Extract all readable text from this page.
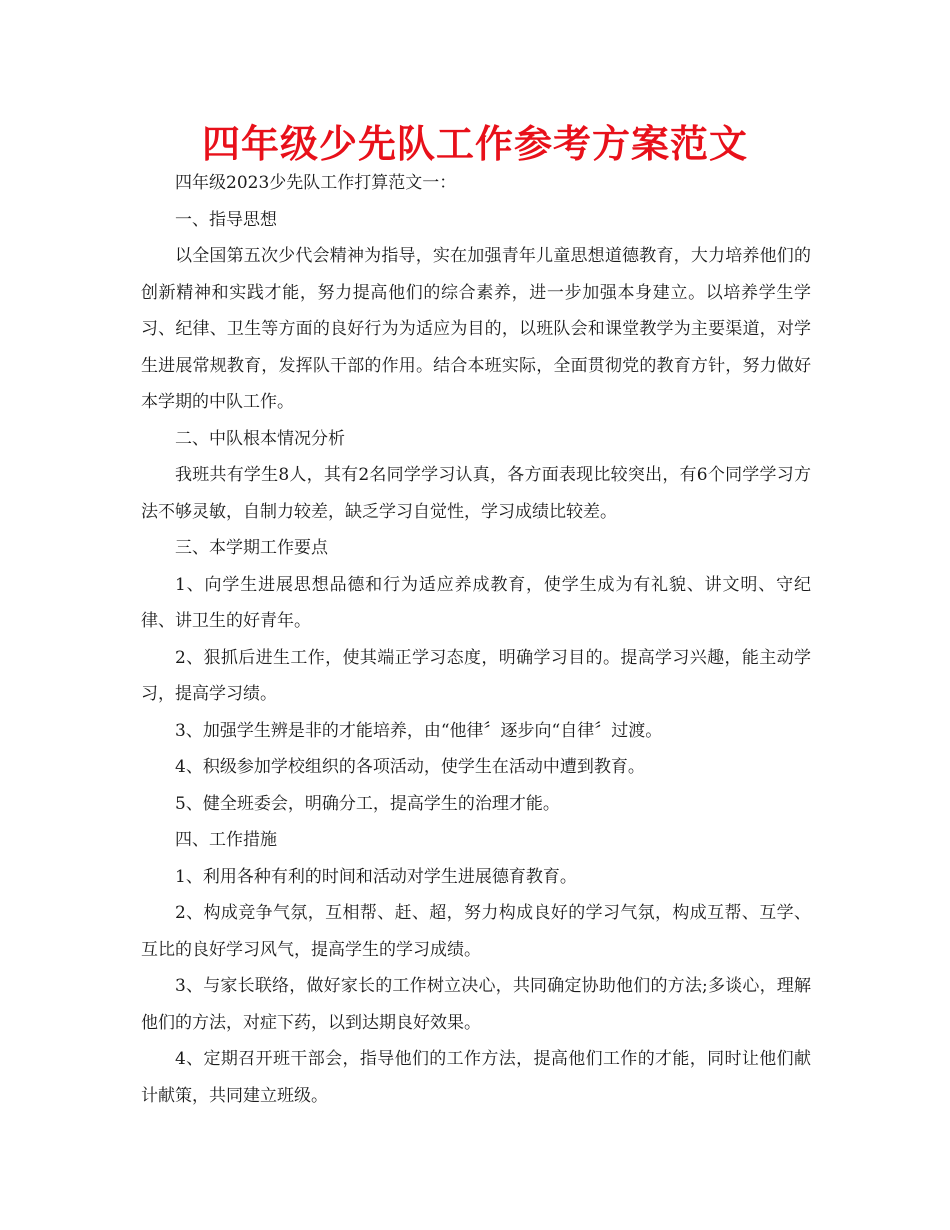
四年级少先队工作参考方案范文

四年级2023少先队工作打算范文一：

一、指导思想

以全国第五次少代会精神为指导，实在加强青年儿童思想道德教育，大力培养他们的创新精神和实践才能，努力提高他们的综合素养，进一步加强本身建立。以培养学生学习、纪律、卫生等方面的良好行为为适应为目的，以班队会和课堂教学为主要渠道，对学生进展常规教育，发挥队干部的作用。结合本班实际，全面贯彻党的教育方针，努力做好本学期的中队工作。

二、中队根本情况分析

我班共有学生8人，其有2名同学学习认真，各方面表现比较突出，有6个同学学习方法不够灵敏，自制力较差，缺乏学习自觉性，学习成绩比较差。

三、本学期工作要点

1、向学生进展思想品德和行为适应养成教育，使学生成为有礼貌、讲文明、守纪律、讲卫生的好青年。

2、狠抓后进生工作，使其端正学习态度，明确学习目的。提高学习兴趣，能主动学习，提高学习绩。

3、加强学生辨是非的才能培养，由“他律〞逐步向“自律〞过渡。

4、积级参加学校组织的各项活动，使学生在活动中遭到教育。

5、健全班委会，明确分工，提高学生的治理才能。

四、工作措施

1、利用各种有利的时间和活动对学生进展德育教育。

2、构成竞争气氛，互相帮、赶、超，努力构成良好的学习气氛，构成互帮、互学、互比的良好学习风气，提高学生的学习成绩。

3、与家长联络，做好家长的工作树立决心，共同确定协助他们的方法;多谈心，理解他们的方法，对症下药，以到达期良好效果。

4、定期召开班干部会，指导他们的工作方法，提高他们工作的才能，同时让他们献计献策，共同建立班级。
